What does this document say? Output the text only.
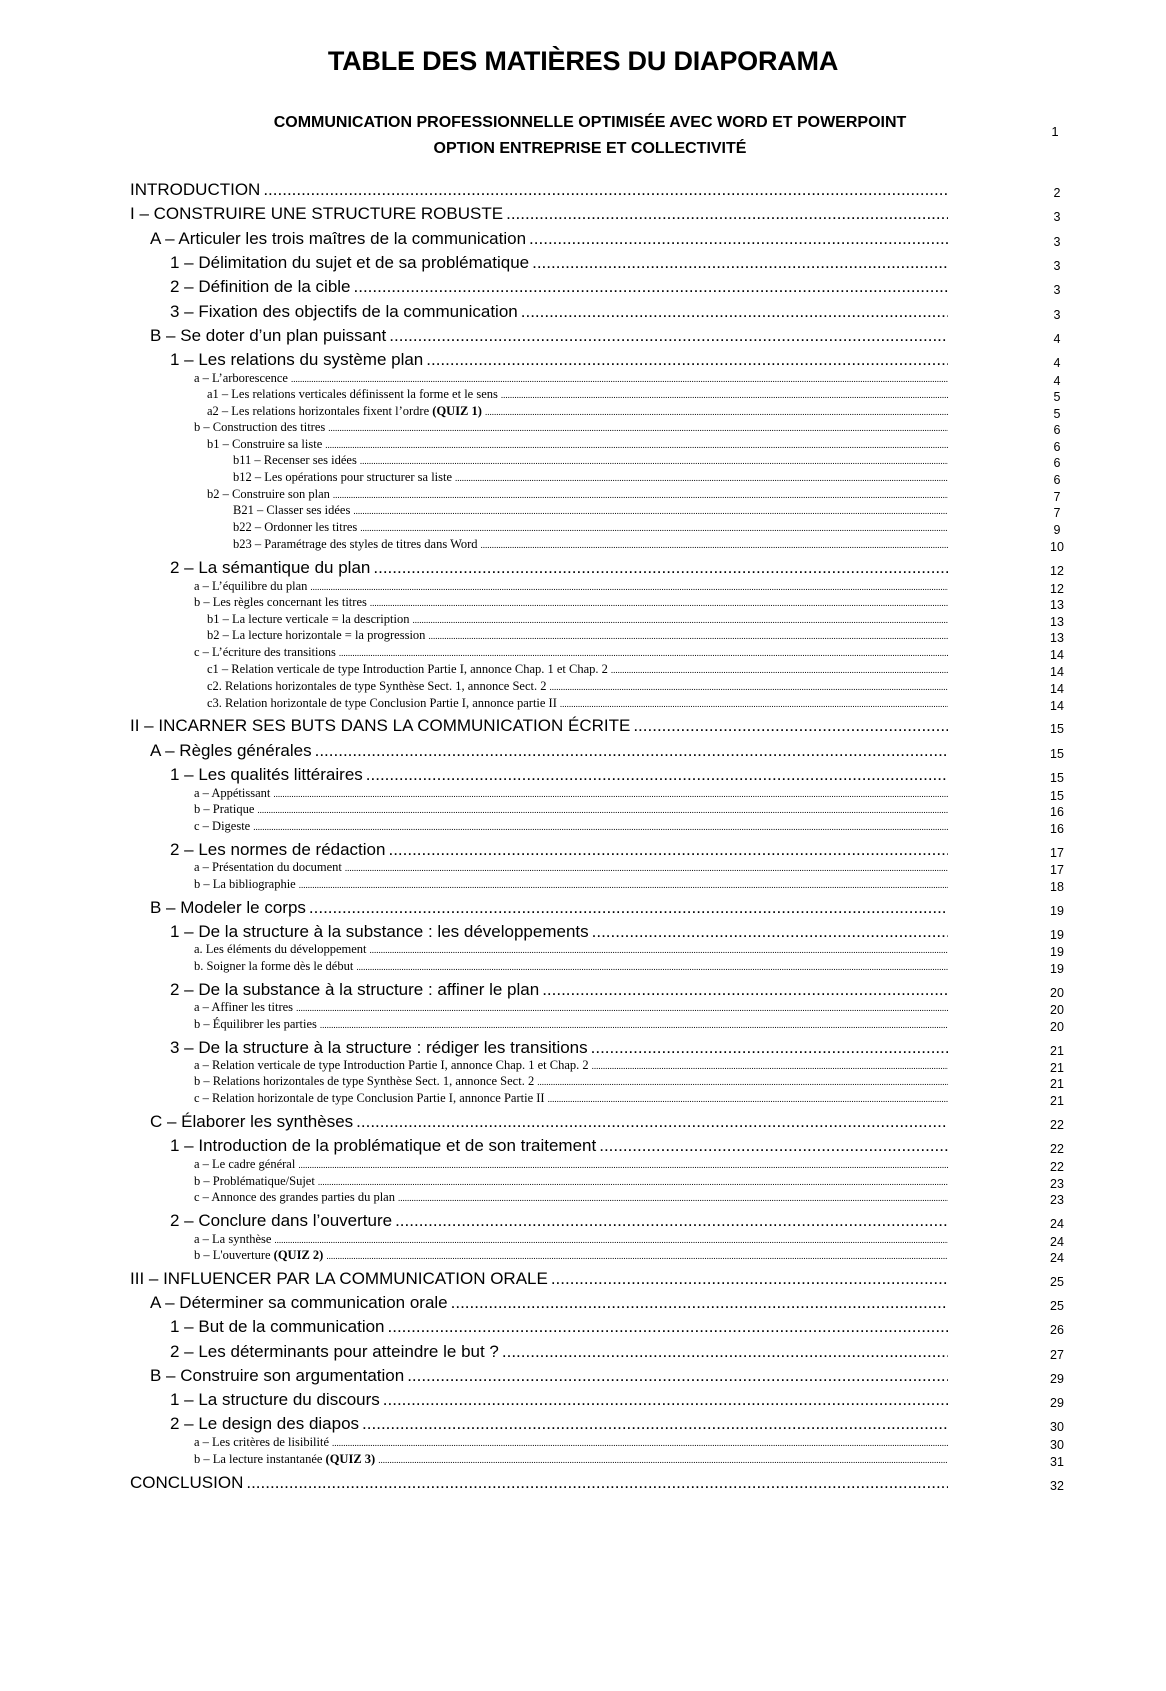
TABLE DES MATIÈRES DU DIAPORAMA
COMMUNICATION PROFESSIONNELLE OPTIMISÉE AVEC WORD ET POWERPOINT
OPTION ENTREPRISE ET COLLECTIVITÉ
1
INTRODUCTION .....	2
I – CONSTRUIRE UNE STRUCTURE ROBUSTE .....	3
A – Articuler les trois maîtres de la communication .....	3
1 – Délimitation du sujet et de sa problématique .....	3
2 – Définition de la cible .....	3
3 – Fixation des objectifs de la communication .....	3
B – Se doter d’un plan puissant .....	4
1 – Les relations du système plan .....	4
a – L’arborescence .....	4
a1 – Les relations verticales définissent la forme et le sens .....	5
a2 – Les relations horizontales fixent l’ordre (QUIZ 1) .....	5
b – Construction des titres .....	6
b1 – Construire sa liste .....	6
b11 – Recenser ses idées .....	6
b12 – Les opérations pour structurer sa liste .....	6
b2 – Construire son plan .....	7
B21 – Classer ses idées .....	7
b22 – Ordonner les titres .....	9
b23 – Paramétrage des styles de titres dans Word .....	10
2 – La sémantique du plan .....	12
a – L’équilibre du plan .....	12
b – Les règles concernant les titres .....	13
b1 – La lecture verticale = la description .....	13
b2 – La lecture horizontale = la progression .....	13
c – L’écriture des transitions .....	14
c1 – Relation verticale de type Introduction Partie I, annonce Chap. 1 et Chap. 2 .....	14
c2. Relations horizontales de type Synthèse Sect. 1, annonce Sect. 2 .....	14
c3. Relation horizontale de type Conclusion Partie I, annonce partie II .....	14
II – INCARNER SES BUTS DANS LA COMMUNICATION ÉCRITE .....	15
A – Règles générales .....	15
1 – Les qualités littéraires .....	15
a – Appétissant .....	15
b – Pratique .....	16
c – Digeste .....	16
2 – Les normes de rédaction .....	17
a – Présentation du document .....	17
b – La bibliographie .....	18
B – Modeler le corps .....	19
1 – De la structure à la substance : les développements .....	19
a. Les éléments du développement .....	19
b. Soigner la forme dès le début .....	19
2 – De la substance à la structure : affiner le plan .....	20
a – Affiner les titres .....	20
b – Équilibrer les parties .....	20
3 – De la structure à la structure : rédiger les transitions .....	21
a – Relation verticale de type Introduction Partie I, annonce Chap. 1 et Chap. 2 .....	21
b – Relations horizontales de type Synthèse Sect. 1, annonce Sect. 2 .....	21
c – Relation horizontale de type Conclusion Partie I, annonce Partie II .....	21
C – Élaborer les synthèses .....	22
1 – Introduction de la problématique et de son traitement .....	22
a – Le cadre général .....	22
b – Problématique/Sujet .....	23
c – Annonce des grandes parties du plan .....	23
2 – Conclure dans l’ouverture .....	24
a – La synthèse .....	24
b – L'ouverture (QUIZ 2) .....	24
III – INFLUENCER PAR LA COMMUNICATION ORALE .....	25
A – Déterminer sa communication orale .....	25
1 – But de la communication .....	26
2 – Les déterminants pour atteindre le but ? .....	27
B – Construire son argumentation .....	29
1 – La structure du discours .....	29
2 – Le design des diapos .....	30
a – Les critères de lisibilité .....	30
b – La lecture instantanée (QUIZ 3) .....	31
CONCLUSION .....	32
